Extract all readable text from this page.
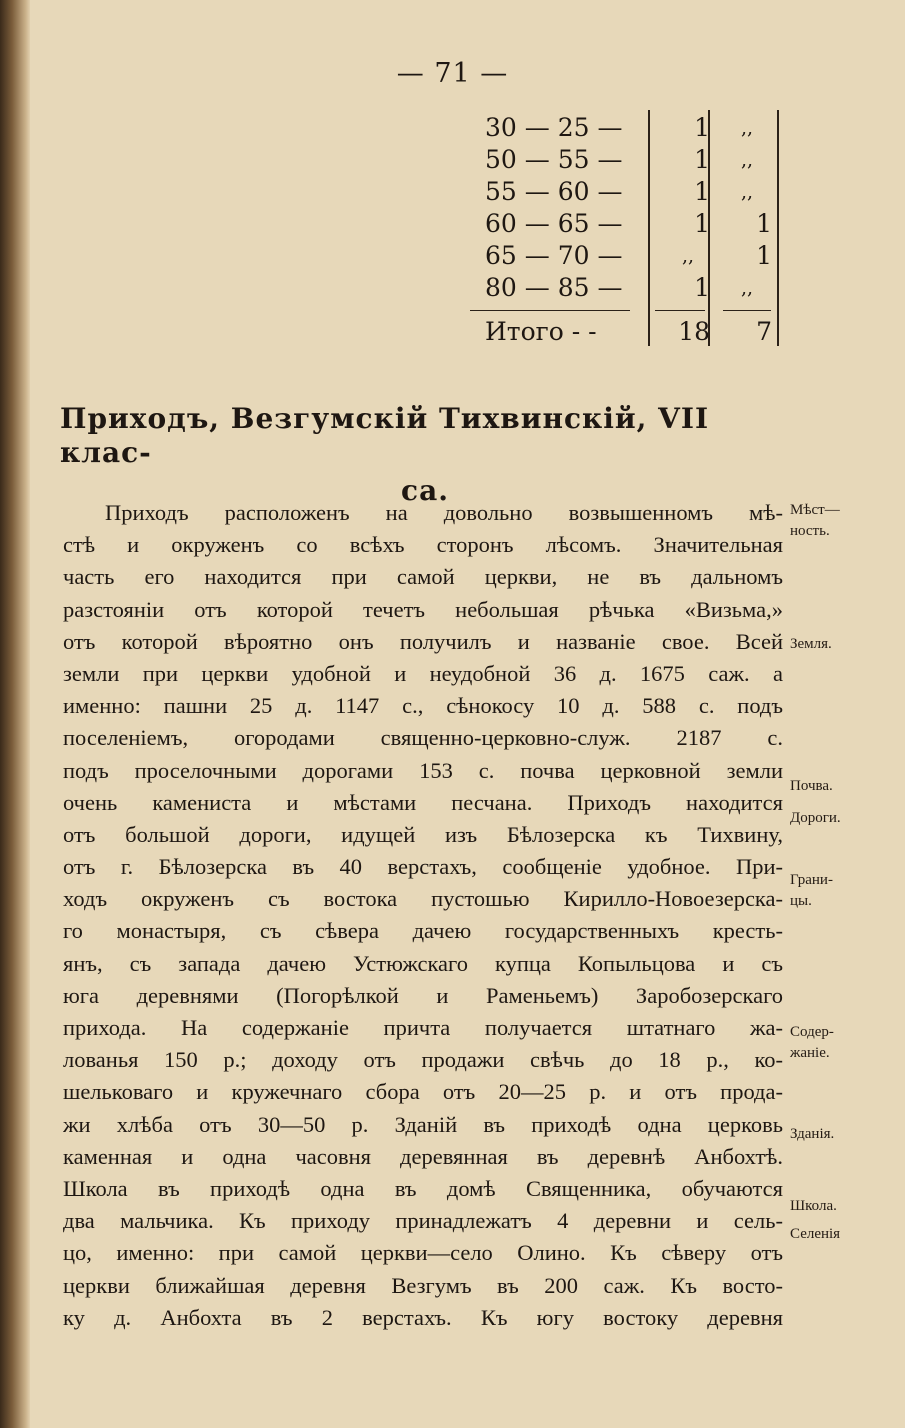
— 71 —
30 — 25 —	1	,,
50 — 55 —	1	,,
55 — 60 —	1	,,
60 — 65 —	1	1
65 — 70 —	,,	1
80 — 85 —	1	,,
Итого - -	18	7
Приходъ, Везгумскій Тихвинскій, VII клас-
са.
Приходъ расположенъ на довольно возвышенномъ мѣ-
стѣ и окруженъ со всѣхъ сторонъ лѣсомъ. Значительная
часть его находится при самой церкви, не въ дальномъ
разстояніи отъ которой течетъ небольшая рѣчька «Визьма,»
отъ которой вѣроятно онъ получилъ и названіе свое. Всей
земли при церкви удобной и неудобной 36 д. 1675 саж. а
именно: пашни 25 д. 1147 с., сѣнокосу 10 д. 588 с. подъ
поселеніемъ, огородами священно-церковно-служ. 2187 с.
подъ проселочными дорогами 153 с. почва церковной земли
очень камениста и мѣстами песчана. Приходъ находится
отъ большой дороги, идущей изъ Бѣлозерска къ Тихвину,
отъ г. Бѣлозерска въ 40 верстахъ, сообщеніе удобное. При-
ходъ окруженъ съ востока пустошью Кирилло-Новоезерска-
го монастыря, съ сѣвера дачею государственныхъ кресть-
янъ, съ запада дачею Устюжскаго купца Копыльцова и съ
юга деревнями (Погорѣлкой и Раменьемъ) Заробозерскаго
прихода. На содержаніе причта получается штатнаго жа-
лованья 150 р.; доходу отъ продажи свѣчь до 18 р., ко-
шельковаго и кружечнаго сбора отъ 20—25 р. и отъ прода-
жи хлѣба отъ 30—50 р. Зданій въ приходѣ одна церковь
каменная и одна часовня деревянная въ деревнѣ Анбохтѣ.
Школа въ приходѣ одна въ домѣ Священника, обучаются
два мальчика. Къ приходу принадлежатъ 4 деревни и сель-
цо, именно: при самой церкви—село Олино. Къ сѣверу отъ
церкви ближайшая деревня Везгумъ въ 200 саж. Къ восто-
ку д. Анбохта въ 2 верстахъ. Къ югу востоку деревня
Мѣст—
ность.
Земля.
Почва.
Дороги.
Грани-
цы.
Содер-
жаніе.
Зданія.
Школа.
Селенія
